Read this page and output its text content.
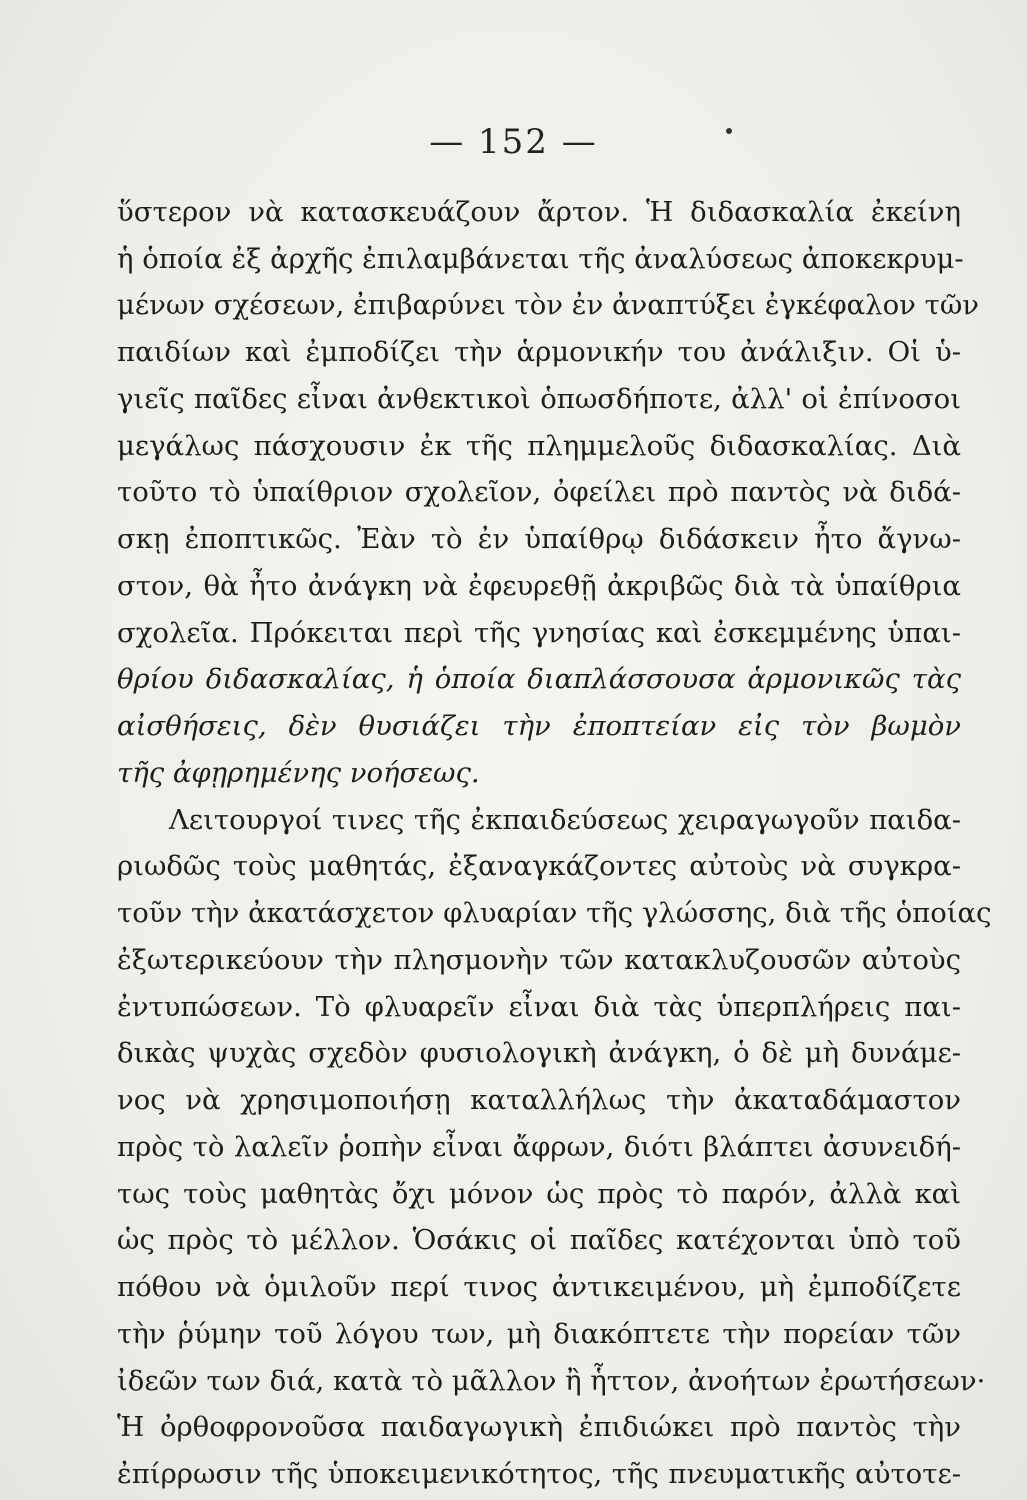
— 152 —
ὕστερον νὰ κατασκευάζουν ἄρτον. Ἡ διδασκαλία ἐκείνη
ἡ ὁποία ἐξ ἀρχῆς ἐπιλαμβάνεται τῆς ἀναλύσεως ἀποκεκρυμ-
μένων σχέσεων, ἐπιβαρύνει τὸν ἐν ἀναπτύξει ἐγκέφαλον τῶν
παιδίων καὶ ἐμποδίζει τὴν ἁρμονικήν του ἀνάλιξιν. Οἱ ὑ-
γιεῖς παῖδες εἶναι ἀνθεκτικοὶ ὁπωσδήποτε, ἀλλ' οἱ ἐπίνοσοι
μεγάλως πάσχουσιν ἐκ τῆς πλημμελοῦς διδασκαλίας. Διὰ
τοῦτο τὸ ὑπαίθριον σχολεῖον, ὀφείλει πρὸ παντὸς νὰ διδά-
σκῃ ἐποπτικῶς. Ἐὰν τὸ ἐν ὑπαίθρῳ διδάσκειν ἦτο ἄγνω-
στον, θὰ ἦτο ἀνάγκη νὰ ἐφευρεθῇ ἀκριβῶς διὰ τὰ ὑπαίθρια
σχολεῖα. Πρόκειται περὶ τῆς γνησίας καὶ ἐσκεμμένης ὑπαι-
θρίου διδασκαλίας, ἡ ὁποία διαπλάσσουσα ἁρμονικῶς τὰς
αἰσθήσεις, δὲν θυσιάζει τὴν ἐποπτείαν εἰς τὸν βωμὸν
τῆς ἀφῃρημένης νοήσεως.
Λειτουργοί τινες τῆς ἐκπαιδεύσεως χειραγωγοῦν παιδα-
ριωδῶς τοὺς μαθητάς, ἐξαναγκάζοντες αὐτοὺς νὰ συγκρα-
τοῦν τὴν ἀκατάσχετον φλυαρίαν τῆς γλώσσης, διὰ τῆς ὁποίας
ἐξωτερικεύουν τὴν πλησμονὴν τῶν κατακλυζουσῶν αὐτοὺς
ἐντυπώσεων. Τὸ φλυαρεῖν εἶναι διὰ τὰς ὑπερπλήρεις παι-
δικὰς ψυχὰς σχεδὸν φυσιολογικὴ ἀνάγκη, ὁ δὲ μὴ δυνάμε-
νος νὰ χρησιμοποιήσῃ καταλλήλως τὴν ἀκαταδάμαστον
πρὸς τὸ λαλεῖν ῥοπὴν εἶναι ἄφρων, διότι βλάπτει ἀσυνειδή-
τως τοὺς μαθητὰς ὄχι μόνον ὡς πρὸς τὸ παρόν, ἀλλὰ καὶ
ὡς πρὸς τὸ μέλλον. Ὁσάκις οἱ παῖδες κατέχονται ὑπὸ τοῦ
πόθου νὰ ὁμιλοῦν περί τινος ἀντικειμένου, μὴ ἐμποδίζετε
τὴν ῥύμην τοῦ λόγου των, μὴ διακόπτετε τὴν πορείαν τῶν
ἰδεῶν των διά, κατὰ τὸ μᾶλλον ἢ ἧττον, ἀνοήτων ἐρωτήσεων·
Ἡ ὀρθοφρονοῦσα παιδαγωγικὴ ἐπιδιώκει πρὸ παντὸς τὴν
ἐπίρρωσιν τῆς ὑποκειμενικότητος, τῆς πνευματικῆς αὐτοτε-
